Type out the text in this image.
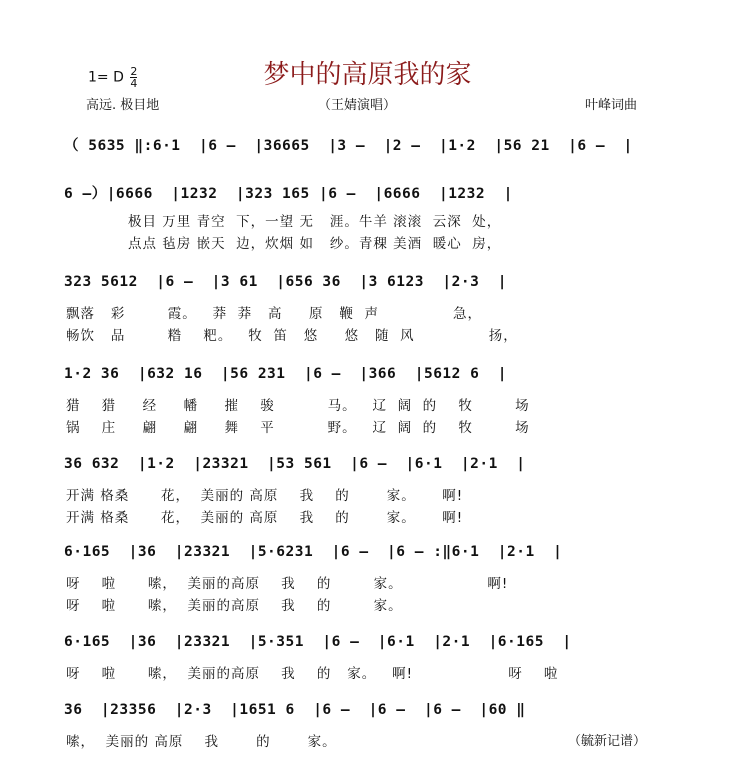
梦中的高原我的家
1= D $\frac{2}{4}$
高远. 极目地	（王婧演唱）	叶峰词曲
（ 5635 ‖:6·1  |6 –  |36665  |3 –  |2 –  |1·2  |56 21  |6 –  |
6 –）|6666  |1232  |323 165 |6 –  |6666  |1232  |
极目 万里 青空  下，一望 无   涯。牛羊 滚滚  云深  处，
点点 毡房 嵌天  边，炊烟 如   纱。青稞 美酒  暖心  房，
323 5612  |6 –  |3 61  |656 36  |3 6123  |2·3  |
飘落   彩        霞。   莽  莽   高     原   鞭  声              急，
畅饮   品        糌    粑。   牧  笛   悠     悠   随  风              扬，
1·2 36  |632 16  |56 231  |6 –  |366  |5612 6  |
猎    猎     经     幡     摧    骏          马。   辽  阔  的    牧        场
锅    庄     翩     翩     舞    平          野。   辽  阔  的    牧        场
36 632  |1·2  |23321  |53 561  |6 –  |6·1  |2·1  |
开满 格桑      花，  美丽的 高原    我    的       家。     啊!
开满 格桑      花，  美丽的 高原    我    的       家。     啊!
6·165  |36  |23321  |5·6231  |6 –  |6 – :‖6·1  |2·1  |
呀    啦      嗦，  美丽的高原    我    的        家。                啊!
呀    啦      嗦，  美丽的高原    我    的        家。
6·165  |36  |23321  |5·351  |6 –  |6·1  |2·1  |6·165  |
呀    啦      嗦，  美丽的高原    我    的   家。   啊!                  呀    啦
36  |23356  |2·3  |1651 6  |6 –  |6 –  |6 –  |60 ‖
嗦，  美丽的 高原    我       的       家。	（毓新记谱）
